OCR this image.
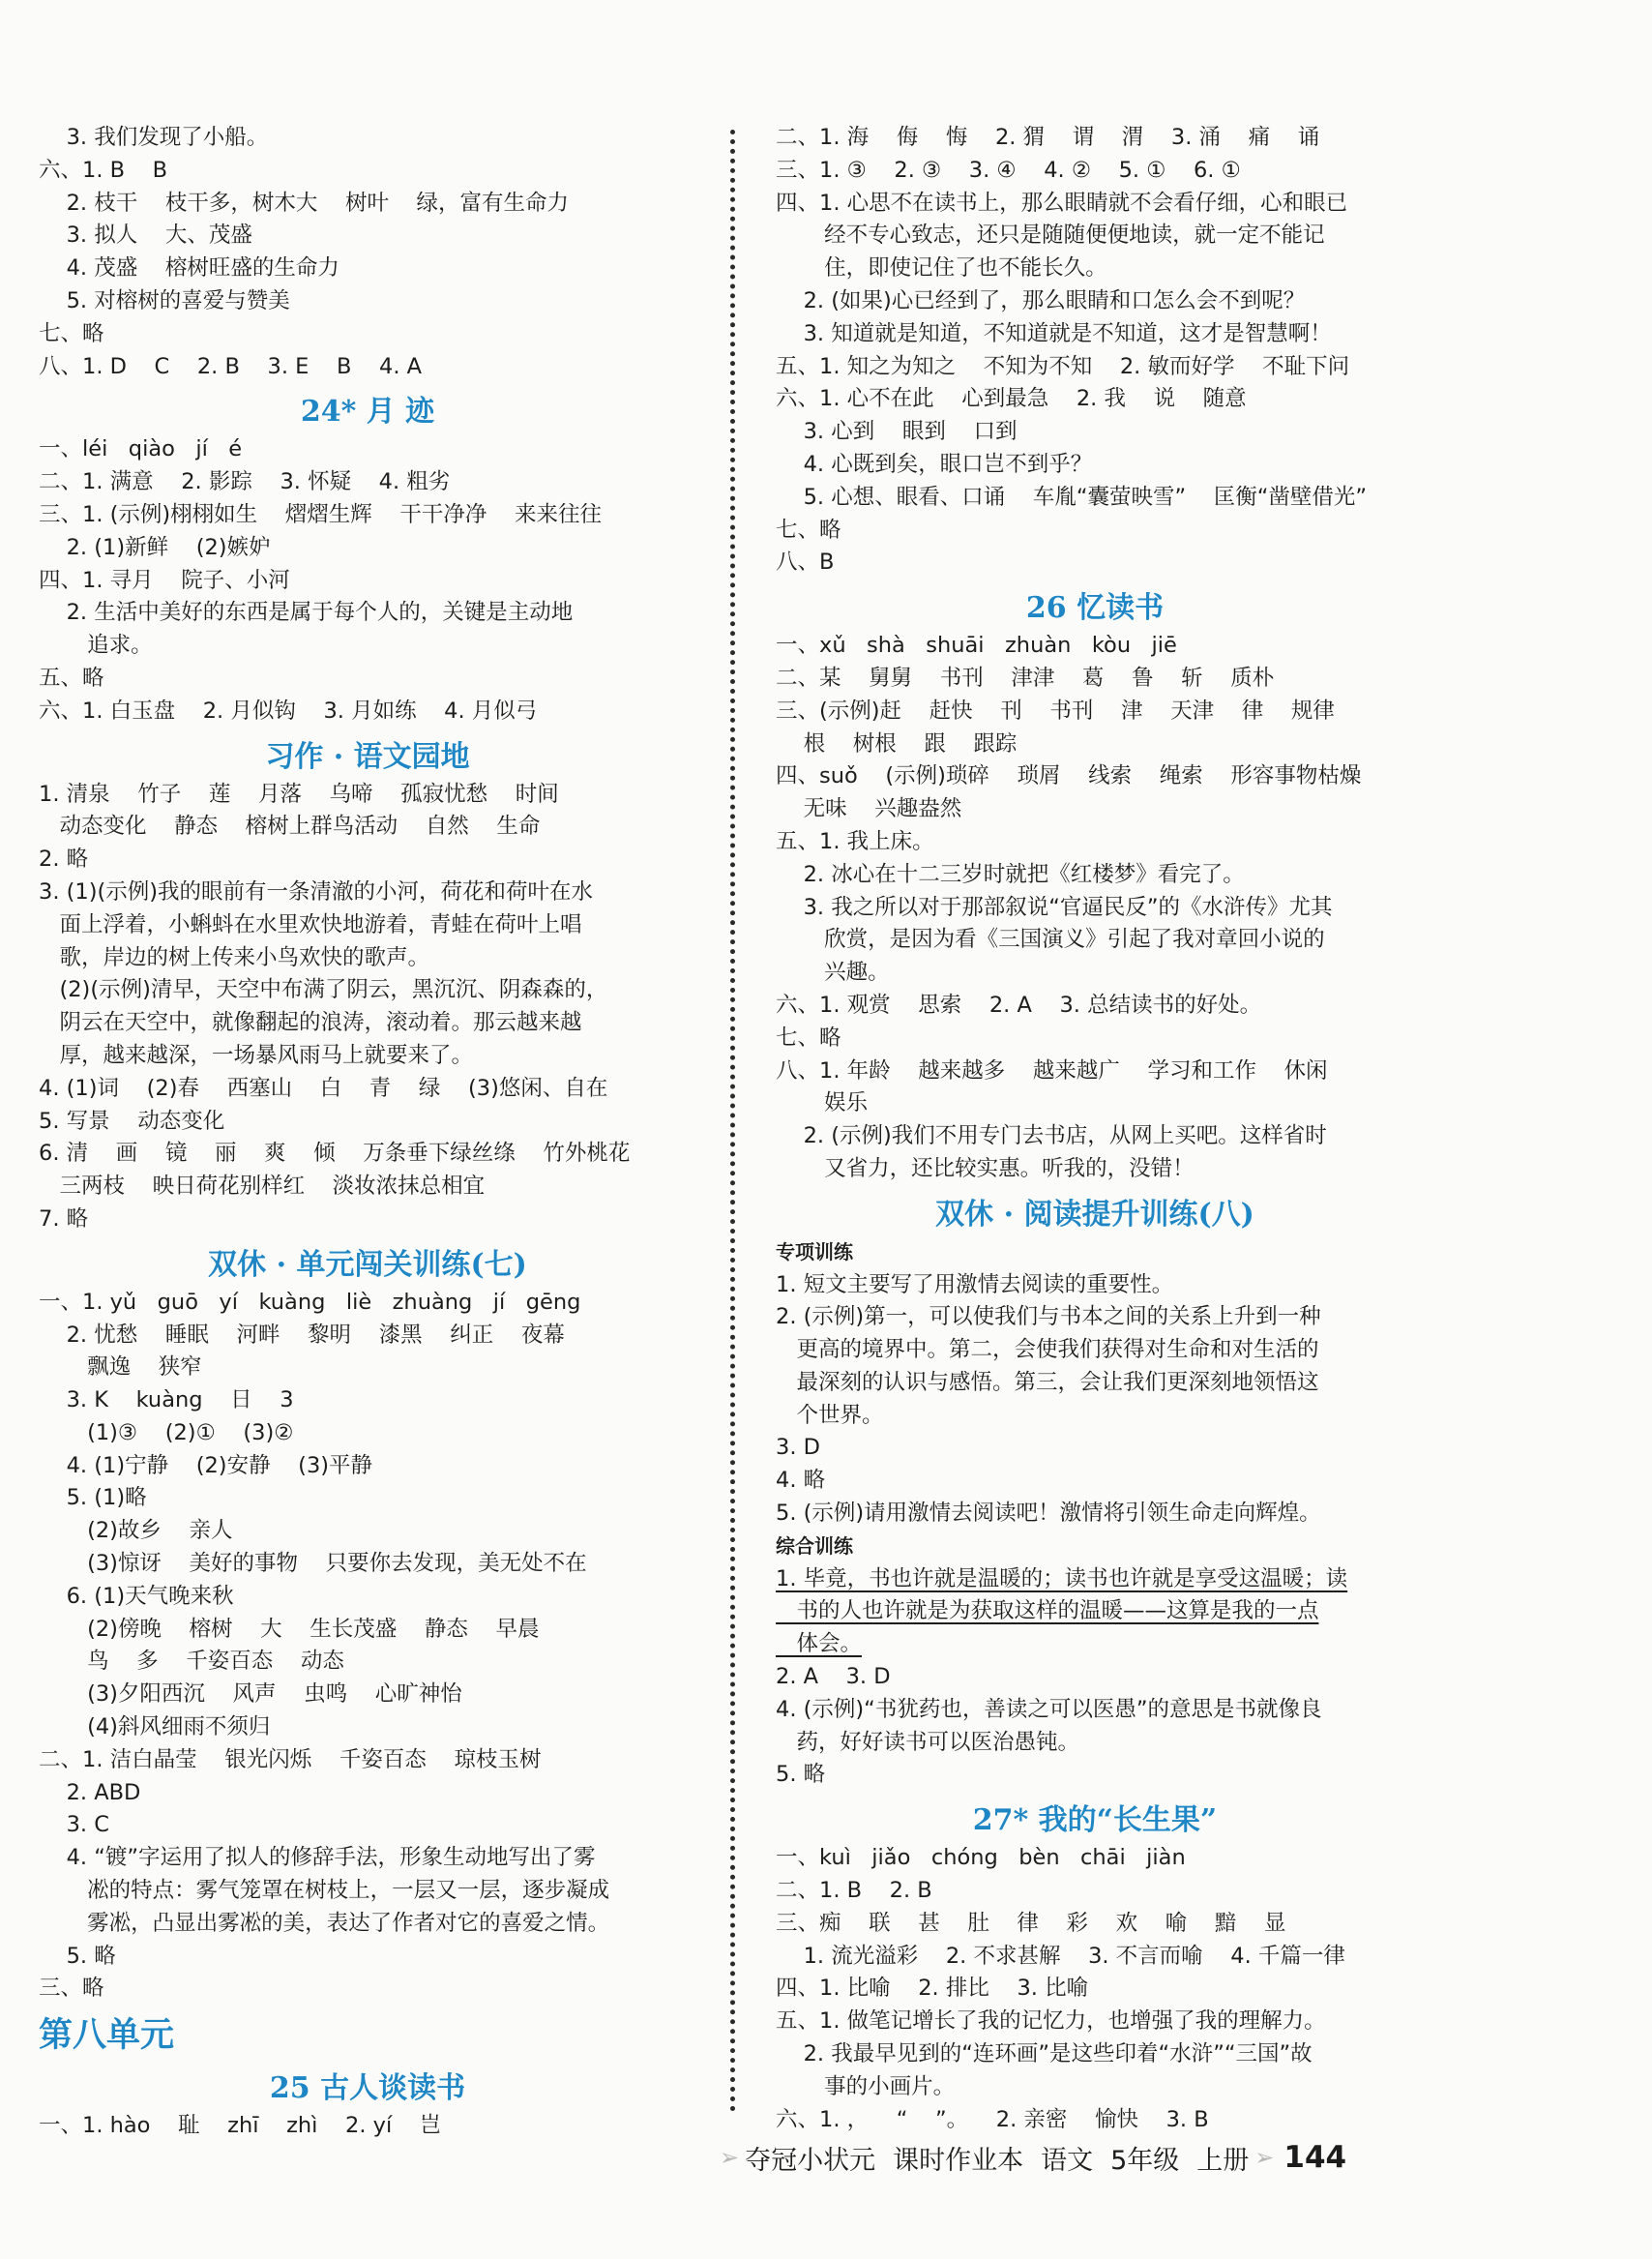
3. 我们发现了小船。
六、1. B    B
2. 枝干    枝干多，树木大    树叶    绿，富有生命力
3. 拟人    大、茂盛
4. 茂盛    榕树旺盛的生命力
5. 对榕树的喜爱与赞美
七、略
八、1. D    C    2. B    3. E    B    4. A
24* 月 迹
一、léi   qiào   jí   é
二、1. 满意    2. 影踪    3. 怀疑    4. 粗劣
三、1. (示例)栩栩如生    熠熠生辉    干干净净    来来往往
2. (1)新鲜    (2)嫉妒
四、1. 寻月    院子、小河
2. 生活中美好的东西是属于每个人的，关键是主动地
追求。
五、略
六、1. 白玉盘    2. 月似钩    3. 月如练    4. 月似弓
习作 · 语文园地
1. 清泉    竹子    莲    月落    乌啼    孤寂忧愁    时间
动态变化    静态    榕树上群鸟活动    自然    生命
2. 略
3. (1)(示例)我的眼前有一条清澈的小河，荷花和荷叶在水
面上浮着，小蝌蚪在水里欢快地游着，青蛙在荷叶上唱
歌，岸边的树上传来小鸟欢快的歌声。
(2)(示例)清早，天空中布满了阴云，黑沉沉、阴森森的，
阴云在天空中，就像翻起的浪涛，滚动着。那云越来越
厚，越来越深，一场暴风雨马上就要来了。
4. (1)词    (2)春    西塞山    白    青    绿    (3)悠闲、自在
5. 写景    动态变化
6. 清    画    镜    丽    爽    倾    万条垂下绿丝绦    竹外桃花
三两枝    映日荷花别样红    淡妆浓抹总相宜
7. 略
双休 · 单元闯关训练(七)
一、1. yǔ   guō   yí   kuàng   liè   zhuàng   jí   gēng
2. 忧愁    睡眠    河畔    黎明    漆黑    纠正    夜幕
飘逸    狭窄
3. K    kuàng    日    3
(1)③    (2)①    (3)②
4. (1)宁静    (2)安静    (3)平静
5. (1)略
(2)故乡    亲人
(3)惊讶    美好的事物    只要你去发现，美无处不在
6. (1)天气晚来秋
(2)傍晚    榕树    大    生长茂盛    静态    早晨
鸟    多    千姿百态    动态
(3)夕阳西沉    风声    虫鸣    心旷神怡
(4)斜风细雨不须归
二、1. 洁白晶莹    银光闪烁    千姿百态    琼枝玉树
2. ABD
3. C
4. “镀”字运用了拟人的修辞手法，形象生动地写出了雾
凇的特点：雾气笼罩在树枝上，一层又一层，逐步凝成
雾凇，凸显出雾凇的美，表达了作者对它的喜爱之情。
5. 略
三、略
第八单元
25 古人谈读书
一、1. hào    耻    zhī    zhì    2. yí    岂
二、1. 海    侮    悔    2. 猬    谓    渭    3. 涌    痛    诵
三、1. ③    2. ③    3. ④    4. ②    5. ①    6. ①
四、1. 心思不在读书上，那么眼睛就不会看仔细，心和眼已
经不专心致志，还只是随随便便地读，就一定不能记
住，即使记住了也不能长久。
2. (如果)心已经到了，那么眼睛和口怎么会不到呢？
3. 知道就是知道，不知道就是不知道，这才是智慧啊！
五、1. 知之为知之    不知为不知    2. 敏而好学    不耻下问
六、1. 心不在此    心到最急    2. 我    说    随意
3. 心到    眼到    口到
4. 心既到矣，眼口岂不到乎？
5. 心想、眼看、口诵    车胤“囊萤映雪”    匡衡“凿壁借光”
七、略
八、B
26 忆读书
一、xǔ   shà   shuāi   zhuàn   kòu   jiē
二、某    舅舅    书刊    津津    葛    鲁    斩    质朴
三、(示例)赶    赶快    刊    书刊    津    天津    律    规律
根    树根    跟    跟踪
四、suǒ    (示例)琐碎    琐屑    线索    绳索    形容事物枯燥
无味    兴趣盎然
五、1. 我上床。
2. 冰心在十二三岁时就把《红楼梦》看完了。
3. 我之所以对于那部叙说“官逼民反”的《水浒传》尤其
欣赏，是因为看《三国演义》引起了我对章回小说的
兴趣。
六、1. 观赏    思索    2. A    3. 总结读书的好处。
七、略
八、1. 年龄    越来越多    越来越广    学习和工作    休闲
娱乐
2. (示例)我们不用专门去书店，从网上买吧。这样省时
又省力，还比较实惠。听我的，没错！
双休 · 阅读提升训练(八)
专项训练
1. 短文主要写了用激情去阅读的重要性。
2. (示例)第一，可以使我们与书本之间的关系上升到一种
更高的境界中。第二，会使我们获得对生命和对生活的
最深刻的认识与感悟。第三，会让我们更深刻地领悟这
个世界。
3. D
4. 略
5. (示例)请用激情去阅读吧！激情将引领生命走向辉煌。
综合训练
1. 毕竟，书也许就是温暖的；读书也许就是享受这温暖；读
书的人也许就是为获取这样的温暖——这算是我的一点
体会。
2. A    3. D
4. (示例)“书犹药也，善读之可以医愚”的意思是书就像良
药，好好读书可以医治愚钝。
5. 略
27* 我的“长生果”
一、kuì   jiǎo   chóng   bèn   chāi   jiàn
二、1. B    2. B
三、痴    联    甚    肚    律    彩    欢    喻    黯    显
1. 流光溢彩    2. 不求甚解    3. 不言而喻    4. 千篇一律
四、1. 比喻    2. 排比    3. 比喻
五、1. 做笔记增长了我的记忆力，也增强了我的理解力。
2. 我最早见到的“连环画”是这些印着“水浒”“三国”故
事的小画片。
六、1. ，    “    ”。    2. 亲密    愉快    3. B
➢ 夺冠小状元 课时作业本 语文 5年级 上册 ➢ 144
